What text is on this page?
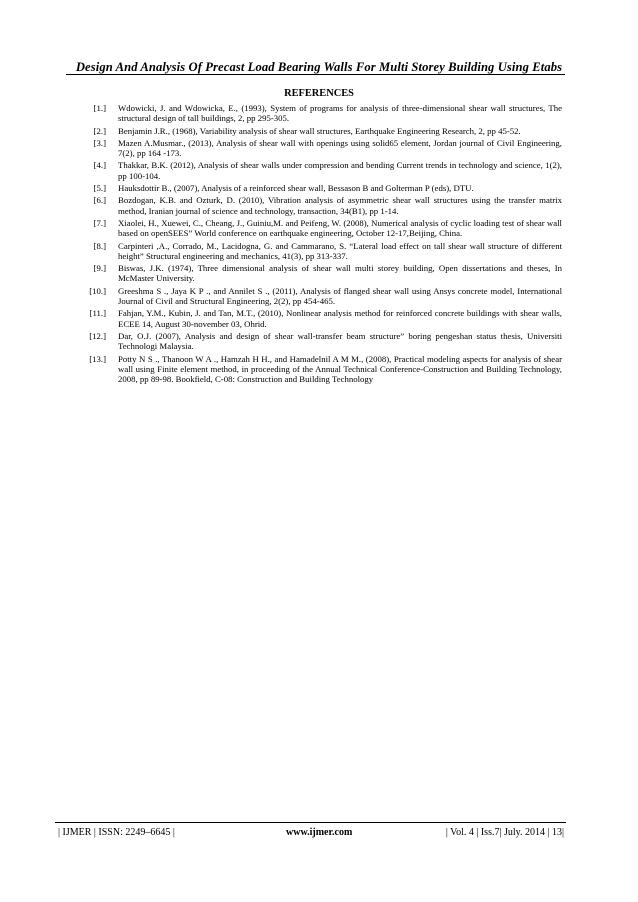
Design And Analysis Of Precast Load Bearing Walls For Multi Storey Building Using Etabs
REFERENCES
[1.] Wdowicki, J. and Wdowicka, E., (1993), System of programs for analysis of three-dimensional shear wall structures, The structural design of tall buildings, 2, pp 295-305.
[2.] Benjamin J.R., (1968), Variability analysis of shear wall structures, Earthquake Engineering Research, 2, pp 45-52.
[3.] Mazen A.Musmar., (2013), Analysis of shear wall with openings using solid65 element, Jordan journal of Civil Engineering, 7(2), pp 164 -173.
[4.] Thakkar, B.K. (2012), Analysis of shear walls under compression and bending Current trends in technology and science, 1(2), pp 100-104.
[5.] Hauksdottir B., (2007), Analysis of a reinforced shear wall, Bessason B and Golterman P (eds), DTU.
[6.] Bozdogan, K.B. and Ozturk, D. (2010), Vibration analysis of asymmetric shear wall structures using the transfer matrix method, Iranian journal of science and technology, transaction, 34(B1), pp 1-14.
[7.] Xiaolei, H., Xuewei, C., Cheang, J., Guiniu,M. and Peifeng, W. (2008), Numerical analysis of cyclic loading test of shear wall based on openSEES” World conference on earthquake engineering, October 12-17,Beijing, China.
[8.] Carpinteri ,A., Corrado, M., Lacidogna, G. and Cammarano, S. “Lateral load effect on tall shear wall structure of different height” Structural engineering and mechanics, 41(3), pp 313-337.
[9.] Biswas, J.K. (1974), Three dimensional analysis of shear wall multi storey building, Open dissertations and theses, In McMaster University.
[10.] Greeshma S ., Jaya K P ., and Annilet S ., (2011), Analysis of flanged shear wall using Ansys concrete model, International Journal of Civil and Structural Engineering, 2(2), pp 454-465.
[11.] Fahjan, Y.M., Kubin, J. and Tan, M.T., (2010), Nonlinear analysis method for reinforced concrete buildings with shear walls, ECEE 14, August 30-november 03, Ohrid.
[12.] Dar, O.J. (2007), Analysis and design of shear wall-transfer beam structure” boring pengeshan status thesis, Universiti Technologi Malaysia.
[13.] Potty N S ., Thanoon W A ., Hamzah H H., and Hamadelnil A M M., (2008), Practical modeling aspects for analysis of shear wall using Finite element method, in proceeding of the Annual Technical Conference-Construction and Building Technology, 2008, pp 89-98. Bookfield, C-08: Construction and Building Technology
| IJMER | ISSN: 2249–6645 |	www.ijmer.com	| Vol. 4 | Iss.7| July. 2014 | 13|
